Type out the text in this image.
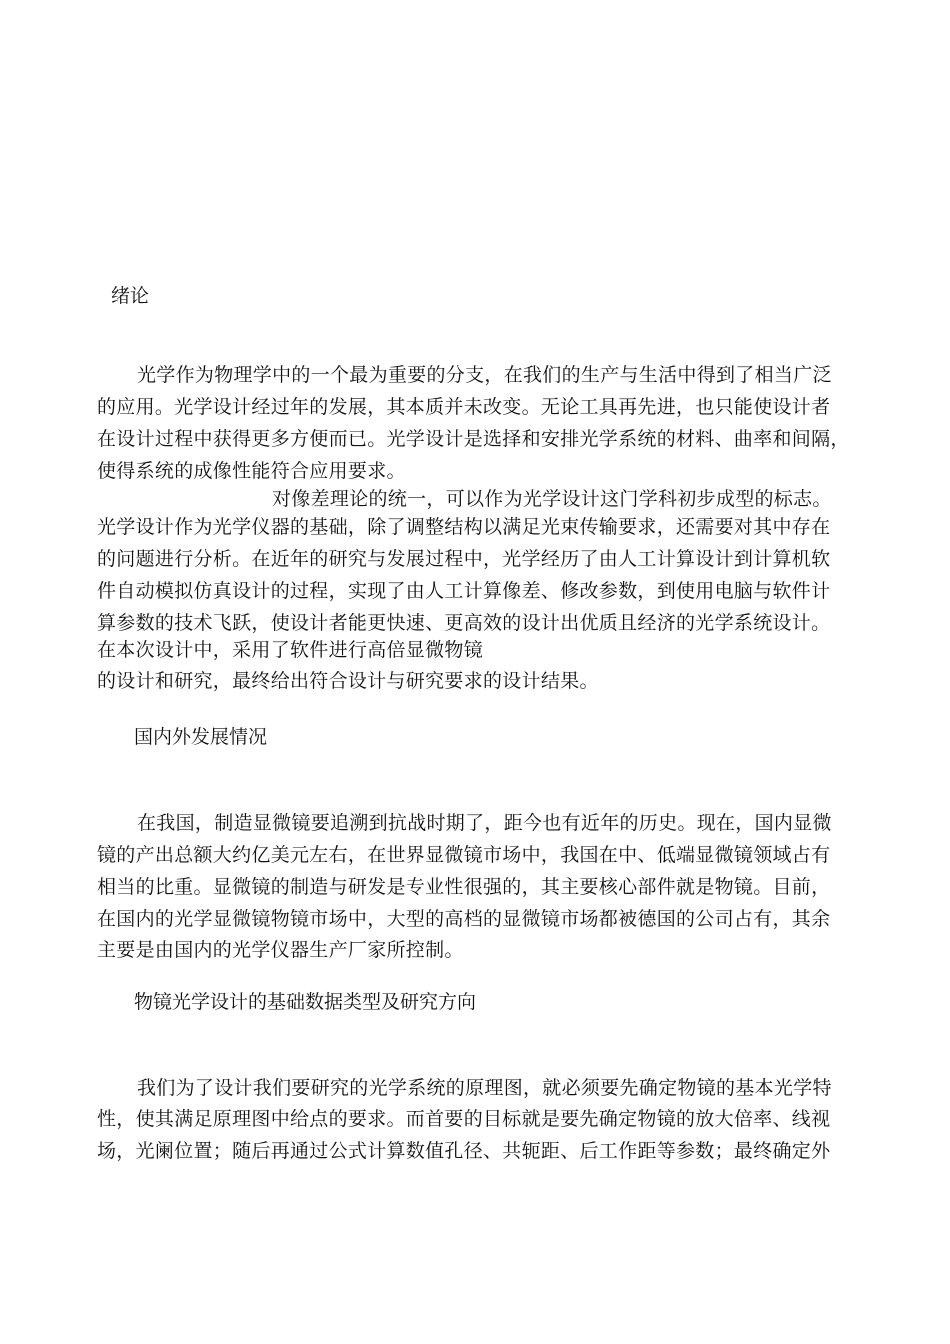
绪论
光学作为物理学中的一个最为重要的分支，在我们的生产与生活中得到了相当广泛
的应用。光学设计经过年的发展，其本质并未改变。无论工具再先进，也只能使设计者
在设计过程中获得更多方便而已。光学设计是选择和安排光学系统的材料、曲率和间隔，
使得系统的成像性能符合应用要求。
对像差理论的统一，可以作为光学设计这门学科初步成型的标志。
光学设计作为光学仪器的基础，除了调整结构以满足光束传输要求，还需要对其中存在
的问题进行分析。在近年的研究与发展过程中，光学经历了由人工计算设计到计算机软
件自动模拟仿真设计的过程，实现了由人工计算像差、修改参数，到使用电脑与软件计
算参数的技术飞跃，使设计者能更快速、更高效的设计出优质且经济的光学系统设计。
在本次设计中，采用了软件进行高倍显微物镜
的设计和研究，最终给出符合设计与研究要求的设计结果。
国内外发展情况
在我国，制造显微镜要追溯到抗战时期了，距今也有近年的历史。现在，国内显微
镜的产出总额大约亿美元左右，在世界显微镜市场中，我国在中、低端显微镜领域占有
相当的比重。显微镜的制造与研发是专业性很强的，其主要核心部件就是物镜。目前，
在国内的光学显微镜物镜市场中，大型的高档的显微镜市场都被德国的公司占有，其余
主要是由国内的光学仪器生产厂家所控制。
物镜光学设计的基础数据类型及研究方向
我们为了设计我们要研究的光学系统的原理图，就必须要先确定物镜的基本光学特
性，使其满足原理图中给点的要求。而首要的目标就是要先确定物镜的放大倍率、线视
场，光阑位置；随后再通过公式计算数值孔径、共轭距、后工作距等参数；最终确定外
